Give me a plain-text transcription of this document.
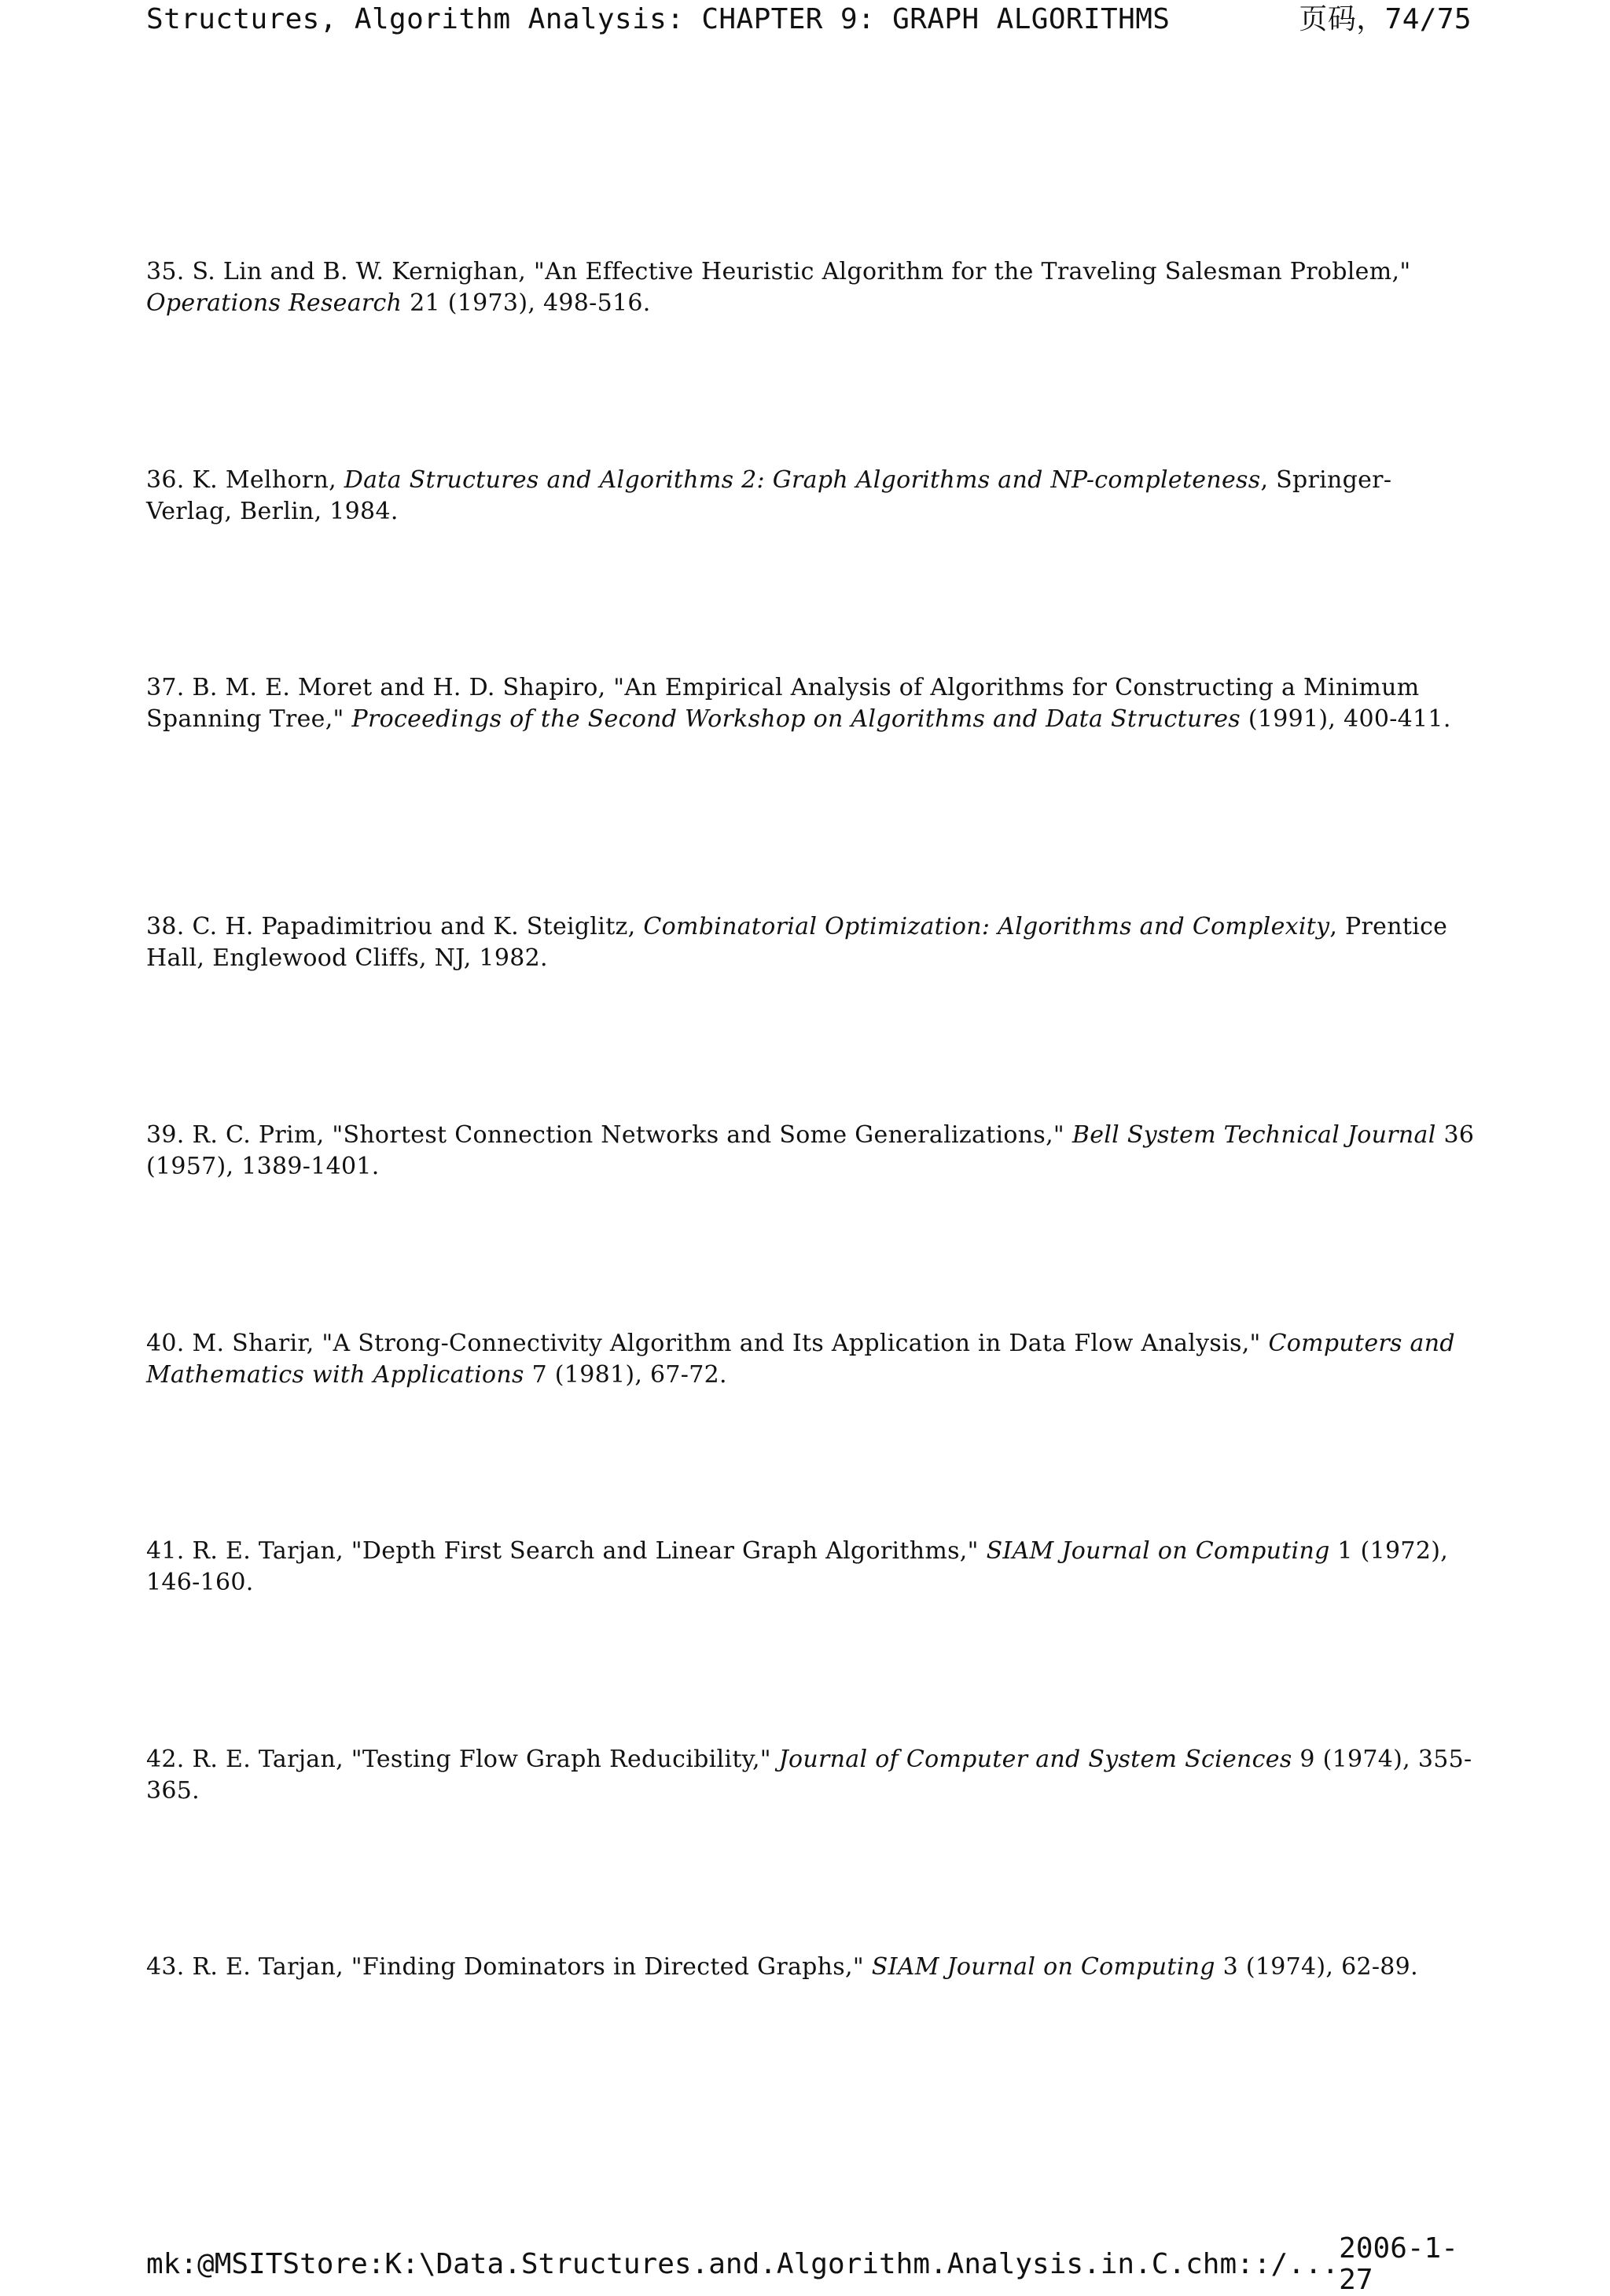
Structures, Algorithm Analysis: CHAPTER 9: GRAPH ALGORITHMS	页码，74/75
35. S. Lin and B. W. Kernighan, "An Effective Heuristic Algorithm for the Traveling Salesman Problem," Operations Research 21 (1973), 498-516.
36. K. Melhorn, Data Structures and Algorithms 2: Graph Algorithms and NP-completeness, Springer-Verlag, Berlin, 1984.
37. B. M. E. Moret and H. D. Shapiro, "An Empirical Analysis of Algorithms for Constructing a Minimum Spanning Tree," Proceedings of the Second Workshop on Algorithms and Data Structures (1991), 400-411.
38. C. H. Papadimitriou and K. Steiglitz, Combinatorial Optimization: Algorithms and Complexity, Prentice Hall, Englewood Cliffs, NJ, 1982.
39. R. C. Prim, "Shortest Connection Networks and Some Generalizations," Bell System Technical Journal 36 (1957), 1389-1401.
40. M. Sharir, "A Strong-Connectivity Algorithm and Its Application in Data Flow Analysis," Computers and Mathematics with Applications 7 (1981), 67-72.
41. R. E. Tarjan, "Depth First Search and Linear Graph Algorithms," SIAM Journal on Computing 1 (1972), 146-160.
42. R. E. Tarjan, "Testing Flow Graph Reducibility," Journal of Computer and System Sciences 9 (1974), 355-365.
43. R. E. Tarjan, "Finding Dominators in Directed Graphs," SIAM Journal on Computing 3 (1974), 62-89.
mk:@MSITStore:K:\Data.Structures.and.Algorithm.Analysis.in.C.chm::/... 2006-1-27
